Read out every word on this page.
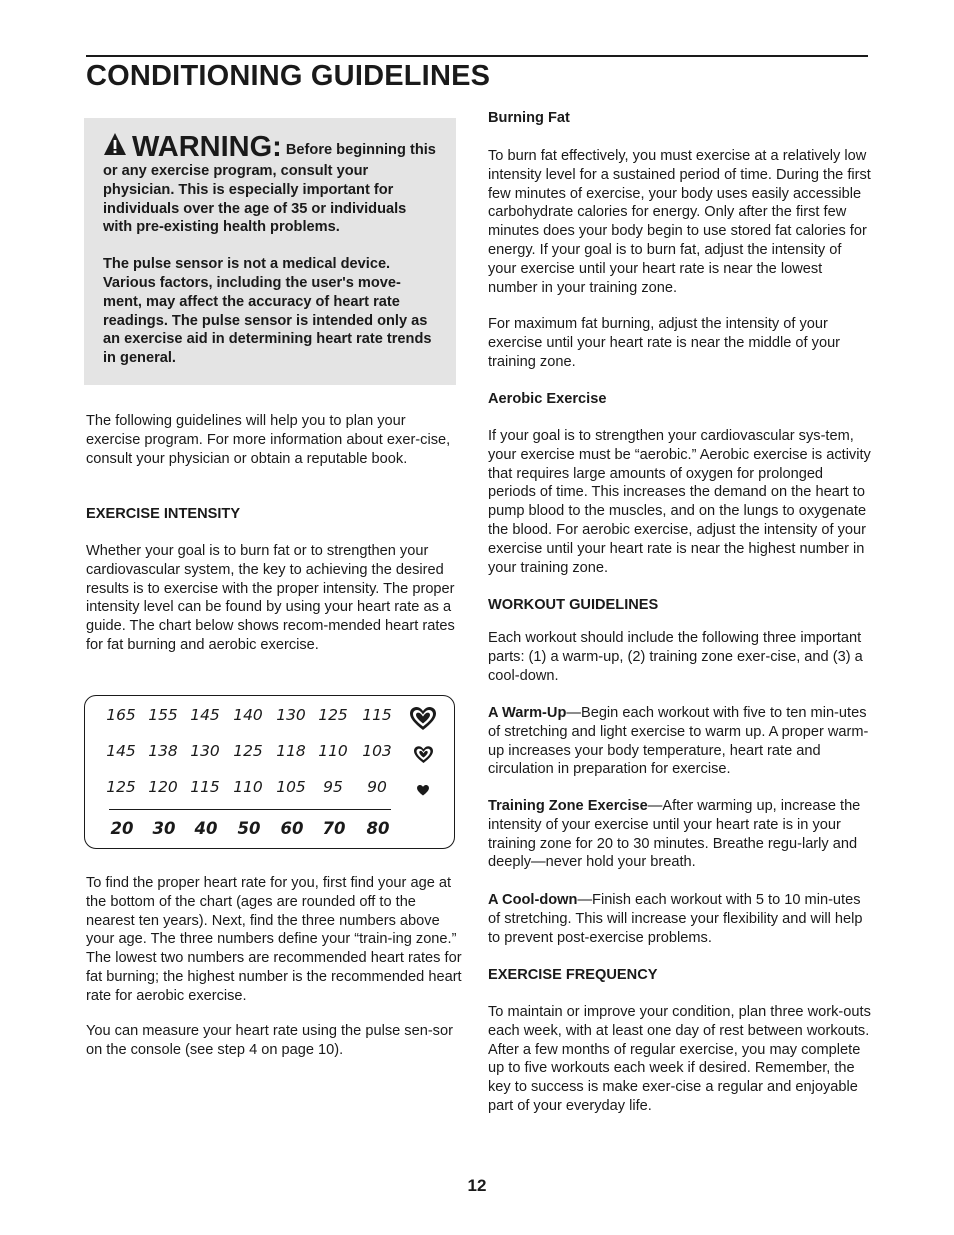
CONDITIONING GUIDELINES

WARNING: Before beginning this or any exercise program, consult your physician. This is especially important for individuals over the age of 35 or individuals with pre-existing health problems.

The pulse sensor is not a medical device. Various factors, including the user's move-ment, may affect the accuracy of heart rate readings. The pulse sensor is intended only as an exercise aid in determining heart rate trends in general.

The following guidelines will help you to plan your exercise program. For more information about exer-cise, consult your physician or obtain a reputable book.

EXERCISE INTENSITY

Whether your goal is to burn fat or to strengthen your cardiovascular system, the key to achieving the desired results is to exercise with the proper intensity. The proper intensity level can be found by using your heart rate as a guide. The chart below shows recom-mended heart rates for fat burning and aerobic exercise.

165 155 145 140 130 125 115
145 138 130 125 118 110 103
125 120 115 110 105	95	90
20	30	40	50	60	70	80

To find the proper heart rate for you, first find your age at the bottom of the chart (ages are rounded off to the nearest ten years). Next, find the three numbers above your age. The three numbers define your “train-ing zone.” The lowest two numbers are recommended heart rates for fat burning; the highest number is the recommended heart rate for aerobic exercise.

You can measure your heart rate using the pulse sen-sor on the console (see step 4 on page 10).

Burning Fat

To burn fat effectively, you must exercise at a relatively low intensity level for a sustained period of time. During the first few minutes of exercise, your body uses easily accessible carbohydrate calories for energy. Only after the first few minutes does your body begin to use stored fat calories for energy. If your goal is to burn fat, adjust the intensity of your exercise until your heart rate is near the lowest number in your training zone.

For maximum fat burning, adjust the intensity of your exercise until your heart rate is near the middle of your training zone.

Aerobic Exercise

If your goal is to strengthen your cardiovascular sys-tem, your exercise must be “aerobic.” Aerobic exercise is activity that requires large amounts of oxygen for prolonged periods of time. This increases the demand on the heart to pump blood to the muscles, and on the lungs to oxygenate the blood. For aerobic exercise, adjust the intensity of your exercise until your heart rate is near the highest number in your training zone.

WORKOUT GUIDELINES

Each workout should include the following three important parts: (1) a warm-up, (2) training zone exer-cise, and (3) a cool-down.

A Warm-Up—Begin each workout with five to ten min-utes of stretching and light exercise to warm up. A proper warm-up increases your body temperature, heart rate and circulation in preparation for exercise.

Training Zone Exercise—After warming up, increase the intensity of your exercise until your heart rate is in your training zone for 20 to 30 minutes. Breathe regu-larly and deeply—never hold your breath.

A Cool-down—Finish each workout with 5 to 10 min-utes of stretching. This will increase your flexibility and will help to prevent post-exercise problems.

EXERCISE FREQUENCY

To maintain or improve your condition, plan three work-outs each week, with at least one day of rest between workouts. After a few months of regular exercise, you may complete up to five workouts each week if desired. Remember, the key to success is make exer-cise a regular and enjoyable part of your everyday life.

12
